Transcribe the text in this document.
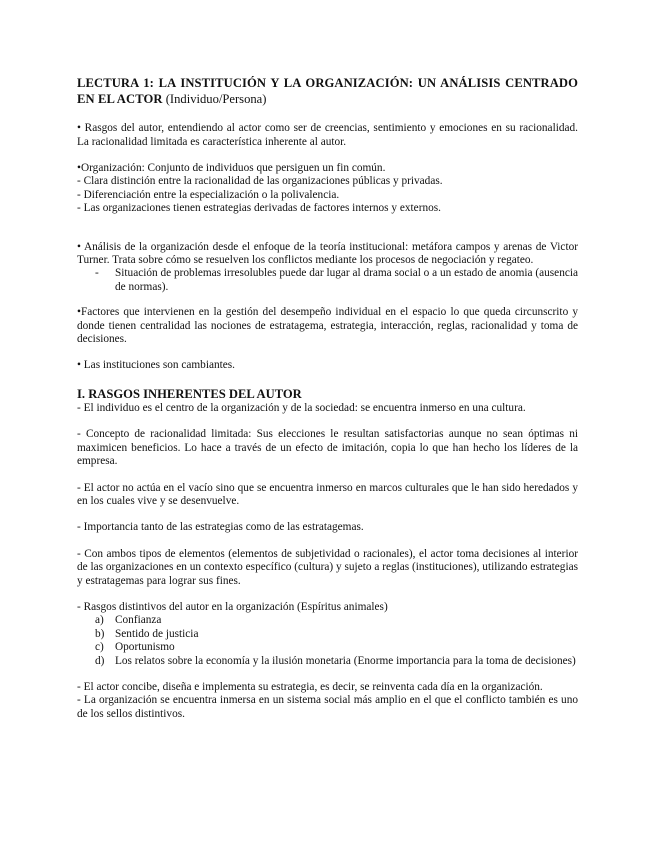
LECTURA 1: LA INSTITUCIÓN Y LA ORGANIZACIÓN: UN ANÁLISIS CENTRADO EN EL ACTOR (Individuo/Persona)

• Rasgos del autor, entendiendo al actor como ser de creencias, sentimiento y emociones en su racionalidad. La racionalidad limitada es característica inherente al autor.

•Organización: Conjunto de individuos que persiguen un fin común.

- Clara distinción entre la racionalidad de las organizaciones públicas y privadas.

- Diferenciación entre la especialización o la polivalencia.

- Las organizaciones tienen estrategias derivadas de factores internos y externos.

• Análisis de la organización desde el enfoque de la teoría institucional: metáfora campos y arenas de Victor Turner. Trata sobre cómo se resuelven los conflictos mediante los procesos de negociación y regateo.

- Situación de problemas irresolubles puede dar lugar al drama social o a un estado de anomia (ausencia de normas).

•Factores que intervienen en la gestión del desempeño individual en el espacio lo que queda circunscrito y donde tienen centralidad las nociones de estratagema, estrategia, interacción, reglas, racionalidad y toma de decisiones.

• Las instituciones son cambiantes.

I. RASGOS INHERENTES DEL AUTOR

- El individuo es el centro de la organización y de la sociedad: se encuentra inmerso en una cultura.

- Concepto de racionalidad limitada: Sus elecciones le resultan satisfactorias aunque no sean óptimas ni maximicen beneficios. Lo hace a través de un efecto de imitación, copia lo que han hecho los líderes de la empresa.

- El actor no actúa en el vacío sino que se encuentra inmerso en marcos culturales que le han sido heredados y en los cuales vive y se desenvuelve.

- Importancia tanto de las estrategias como de las estratagemas.

- Con ambos tipos de elementos (elementos de subjetividad o racionales), el actor toma decisiones al interior de las organizaciones en un contexto específico (cultura) y sujeto a reglas (instituciones), utilizando estrategias y estratagemas para lograr sus fines.

- Rasgos distintivos del autor en la organización (Espíritus animales)

a) Confianza
b) Sentido de justicia
c) Oportunismo
d) Los relatos sobre la economía y la ilusión monetaria (Enorme importancia para la toma de decisiones)

- El actor concibe, diseña e implementa su estrategia, es decir, se reinventa cada día en la organización.

- La organización se encuentra inmersa en un sistema social más amplio en el que el conflicto también es uno de los sellos distintivos.
